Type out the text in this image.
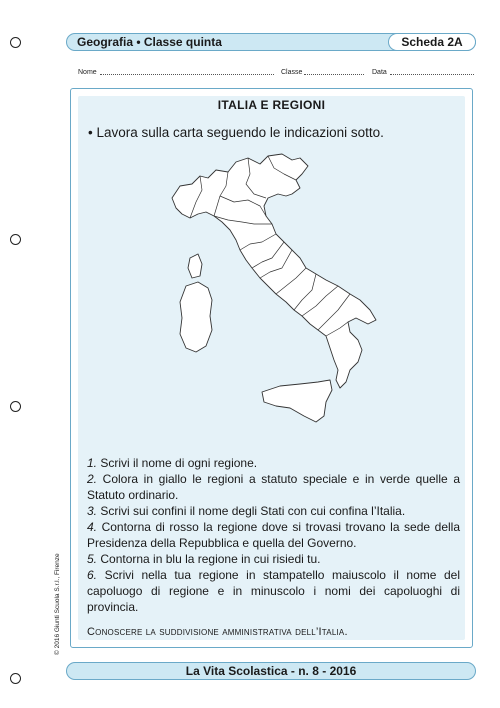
Geografia • Classe quinta	Scheda 2A
Nome	Classe	Data
ITALIA E REGIONI
• Lavora sulla carta seguendo le indicazioni sotto.

1. Scrivi il nome di ogni regione.

2. Colora in giallo le regioni a statuto speciale e in verde quelle a Statuto ordinario.

3. Scrivi sui confini il nome degli Stati con cui confina l’Italia.

4. Contorna di rosso la regione dove si trovasi trovano la sede della Presidenza della Repubblica e quella del Governo.

5. Contorna in blu la regione in cui risiedi tu.

6. Scrivi nella tua regione in stampatello maiuscolo il nome del capoluogo di regione e in minuscolo i nomi dei capoluoghi di provincia.

Conoscere la suddivisione amministrativa dell’Italia.
La Vita Scolastica - n. 8 - 2016
© 2016 Giunti Scuola S.r.l., Firenze
